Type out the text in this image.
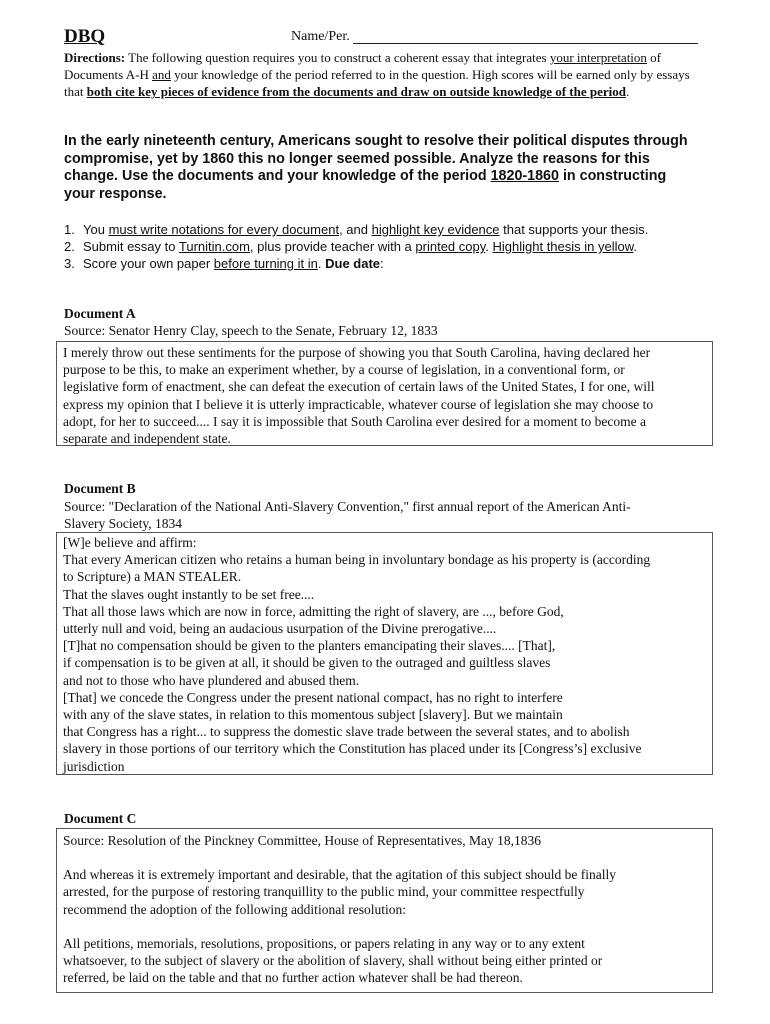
DBQ	Name/Per.
Directions: The following question requires you to construct a coherent essay that integrates your interpretation of Documents A-H and your knowledge of the period referred to in the question. High scores will be earned only by essays that both cite key pieces of evidence from the documents and draw on outside knowledge of the period.
In the early nineteenth century, Americans sought to resolve their political disputes through compromise, yet by 1860 this no longer seemed possible. Analyze the reasons for this change. Use the documents and your knowledge of the period 1820-1860 in constructing your response.
1. You must write notations for every document, and highlight key evidence that supports your thesis.
2. Submit essay to Turnitin.com, plus provide teacher with a printed copy. Highlight thesis in yellow.
3. Score your own paper before turning it in. Due date:
Document A
Source: Senator Henry Clay, speech to the Senate, February 12, 1833

I merely throw out these sentiments for the purpose of showing you that South Carolina, having declared her

purpose to be this, to make an experiment whether, by a course of legislation, in a conventional form, or

legislative form of enactment, she can defeat the execution of certain laws of the United States, I for one, will

express my opinion that I believe it is utterly impracticable, whatever course of legislation she may choose to

adopt, for her to succeed.... I say it is impossible that South Carolina ever desired for a moment to become a

separate and independent state.

Document B
Source: "Declaration of the National Anti-Slavery Convention," first annual report of the American Anti-
Slavery Society, 1834

[W]e believe and affirm:

That every American citizen who retains a human being in involuntary bondage as his property is (according

to Scripture) a MAN STEALER.

That the slaves ought instantly to be set free....

That all those laws which are now in force, admitting the right of slavery, are ..., before God,

utterly null and void, being an audacious usurpation of the Divine prerogative....

[T]hat no compensation should be given to the planters emancipating their slaves.... [That],

if compensation is to be given at all, it should be given to the outraged and guiltless slaves

and not to those who have plundered and abused them.

[That] we concede the Congress under the present national compact, has no right to interfere

with any of the slave states, in relation to this momentous subject [slavery]. But we maintain

that Congress has a right... to suppress the domestic slave trade between the several states, and to abolish

slavery in those portions of our territory which the Constitution has placed under its [Congress’s] exclusive

jurisdiction

Document C

Source: Resolution of the Pinckney Committee, House of Representatives, May 18,1836

And whereas it is extremely important and desirable, that the agitation of this subject should be finally

arrested, for the purpose of restoring tranquillity to the public mind, your committee respectfully

recommend the adoption of the following additional resolution:

All petitions, memorials, resolutions, propositions, or papers relating in any way or to any extent

whatsoever, to the subject of slavery or the abolition of slavery, shall without being either printed or

referred, be laid on the table and that no further action whatever shall be had thereon.
